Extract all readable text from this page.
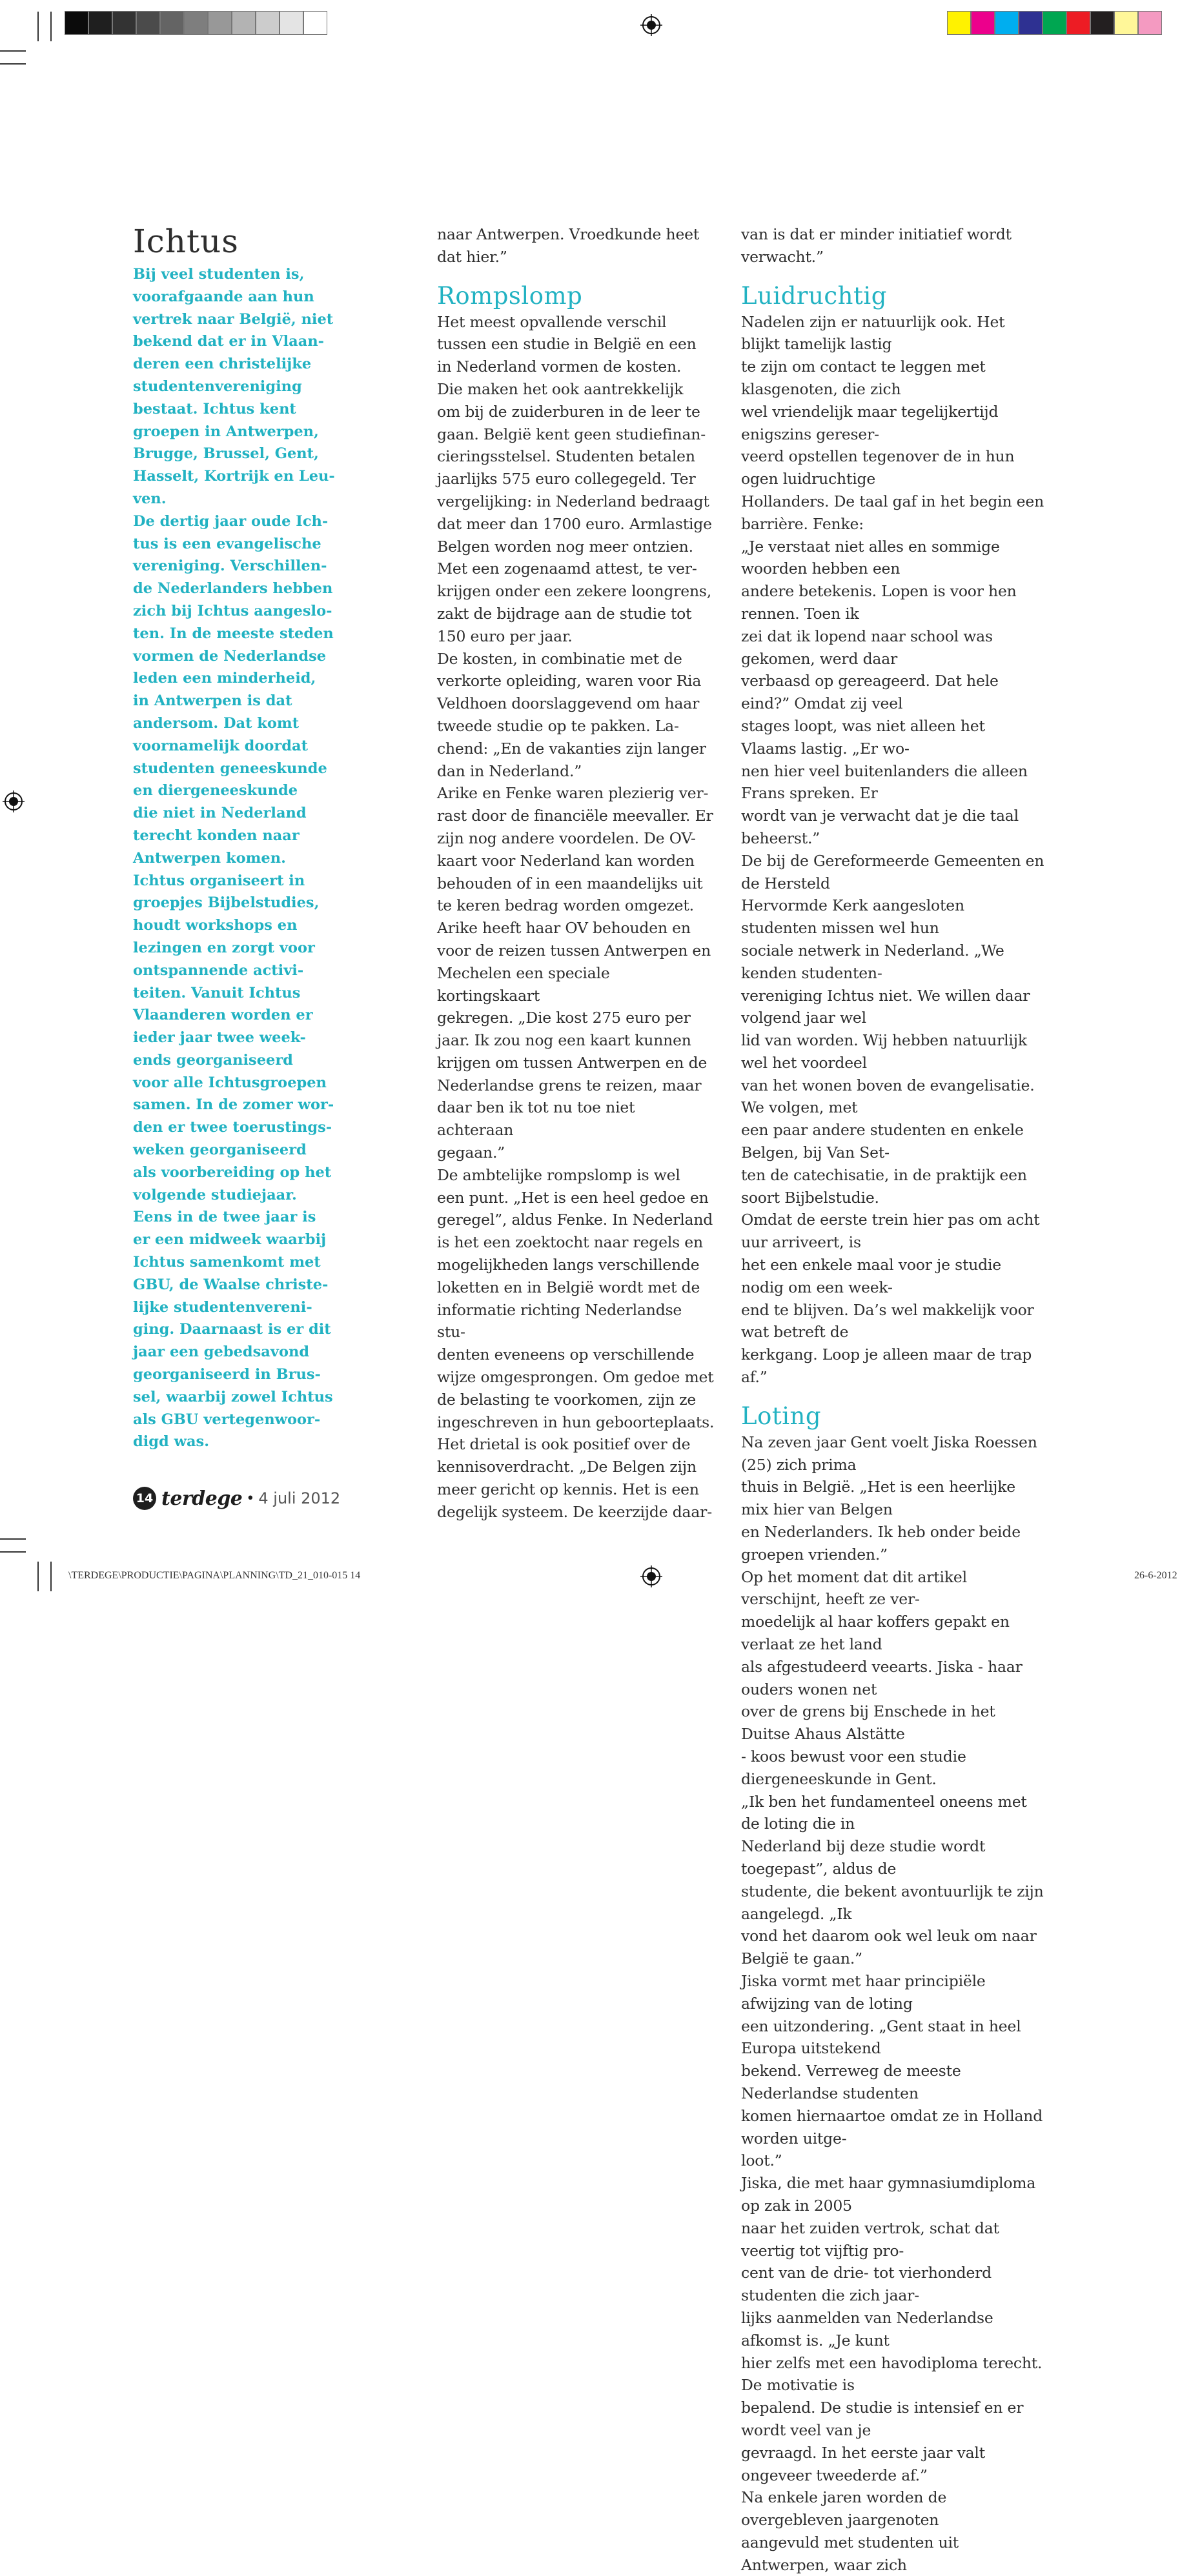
Ichtus

Bij veel studenten is,

voorafgaande aan hun

vertrek naar België, niet

bekend dat er in Vlaan-

deren een christelijke

studentenvereniging

bestaat. Ichtus kent

groepen in Antwerpen,

Brugge, Brussel, Gent,

Hasselt, Kortrijk en Leu-

ven.

De dertig jaar oude Ich-

tus is een evangelische

vereniging. Verschillen-

de Nederlanders hebben

zich bij Ichtus aangeslo-

ten. In de meeste steden

vormen de Nederlandse

leden een minderheid,

in Antwerpen is dat

andersom. Dat komt

voornamelijk doordat

studenten geneeskunde

en diergeneeskunde

die niet in Nederland

terecht konden naar

Antwerpen komen.

Ichtus organiseert in

groepjes Bijbelstudies,

houdt workshops en

lezingen en zorgt voor

ontspannende activi-

teiten. Vanuit Ichtus

Vlaanderen worden er

ieder jaar twee week-

ends georganiseerd

voor alle Ichtusgroepen

samen. In de zomer wor-

den er twee toerustings-

weken georganiseerd

als voorbereiding op het

volgende studiejaar.

Eens in de twee jaar is

er een midweek waarbij

Ichtus samenkomt met

GBU, de Waalse christe-

lijke studentenvereni-

ging. Daarnaast is er dit

jaar een gebedsavond

georganiseerd in Brus-

sel, waarbij zowel Ichtus

als GBU vertegenwoor-

digd was.

naar Antwerpen. Vroedkunde heet

dat hier.”

Rompslomp

Het meest opvallende verschil

tussen een studie in België en een

in Nederland vormen de kosten.

Die maken het ook aantrekkelijk

om bij de zuiderburen in de leer te

gaan. België kent geen studiefinan-

cieringsstelsel. Studenten betalen

jaarlijks 575 euro collegegeld. Ter

vergelijking: in Nederland bedraagt

dat meer dan 1700 euro. Armlastige

Belgen worden nog meer ontzien.

Met een zogenaamd attest, te ver-

krijgen onder een zekere loongrens,

zakt de bijdrage aan de studie tot

150 euro per jaar.

De kosten, in combinatie met de

verkorte opleiding, waren voor Ria

Veldhoen doorslaggevend om haar

tweede studie op te pakken. La-

chend: „En de vakanties zijn langer

dan in Nederland.”

Arike en Fenke waren plezierig ver-

rast door de financiële meevaller. Er

zijn nog andere voordelen. De OV-

kaart voor Nederland kan worden

behouden of in een maandelijks uit

te keren bedrag worden omgezet.

Arike heeft haar OV behouden en

voor de reizen tussen Antwerpen en

Mechelen een speciale kortingskaart

gekregen. „Die kost 275 euro per

jaar. Ik zou nog een kaart kunnen

krijgen om tussen Antwerpen en de

Nederlandse grens te reizen, maar

daar ben ik tot nu toe niet achteraan

gegaan.”

De ambtelijke rompslomp is wel

een punt. „Het is een heel gedoe en

geregel”, aldus Fenke. In Nederland

is het een zoektocht naar regels en

mogelijkheden langs verschillende

loketten en in België wordt met de

informatie richting Nederlandse stu-

denten eveneens op verschillende

wijze omgesprongen. Om gedoe met

de belasting te voorkomen, zijn ze

ingeschreven in hun geboorteplaats.

Het drietal is ook positief over de

kennisoverdracht. „De Belgen zijn

meer gericht op kennis. Het is een

degelijk systeem. De keerzijde daar-

van is dat er minder initiatief wordt verwacht.”

Luidruchtig

Nadelen zijn er natuurlijk ook. Het blijkt tamelijk lastig

te zijn om contact te leggen met klasgenoten, die zich

wel vriendelijk maar tegelijkertijd enigszins gereser-

veerd opstellen tegenover de in hun ogen luidruchtige

Hollanders. De taal gaf in het begin een barrière. Fenke:

„Je verstaat niet alles en sommige woorden hebben een

andere betekenis. Lopen is voor hen rennen. Toen ik

zei dat ik lopend naar school was gekomen, werd daar

verbaasd op gereageerd. Dat hele eind?” Omdat zij veel

stages loopt, was niet alleen het Vlaams lastig. „Er wo-

nen hier veel buitenlanders die alleen Frans spreken. Er

wordt van je verwacht dat je die taal beheerst.”

De bij de Gereformeerde Gemeenten en de Hersteld

Hervormde Kerk aangesloten studenten missen wel hun

sociale netwerk in Nederland. „We kenden studenten-

vereniging Ichtus niet. We willen daar volgend jaar wel

lid van worden. Wij hebben natuurlijk wel het voordeel

van het wonen boven de evangelisatie. We volgen, met

een paar andere studenten en enkele Belgen, bij Van Set-

ten de catechisatie, in de praktijk een soort Bijbelstudie.

Omdat de eerste trein hier pas om acht uur arriveert, is

het een enkele maal voor je studie nodig om een week-

end te blijven. Da’s wel makkelijk voor wat betreft de

kerkgang. Loop je alleen maar de trap af.”

Loting

Na zeven jaar Gent voelt Jiska Roessen (25) zich prima

thuis in België. „Het is een heerlijke mix hier van Belgen

en Nederlanders. Ik heb onder beide groepen vrienden.”

Op het moment dat dit artikel verschijnt, heeft ze ver-

moedelijk al haar koffers gepakt en verlaat ze het land

als afgestudeerd veearts. Jiska - haar ouders wonen net

over de grens bij Enschede in het Duitse Ahaus Alstätte

- koos bewust voor een studie diergeneeskunde in Gent.

„Ik ben het fundamenteel oneens met de loting die in

Nederland bij deze studie wordt toegepast”, aldus de

studente, die bekent avontuurlijk te zijn aangelegd. „Ik

vond het daarom ook wel leuk om naar België te gaan.”

Jiska vormt met haar principiële afwijzing van de loting

een uitzondering. „Gent staat in heel Europa uitstekend

bekend. Verreweg de meeste Nederlandse studenten

komen hiernaartoe omdat ze in Holland worden uitge-

loot.”

Jiska, die met haar gymnasiumdiploma op zak in 2005

naar het zuiden vertrok, schat dat veertig tot vijftig pro-

cent van de drie- tot vierhonderd studenten die zich jaar-

lijks aanmelden van Nederlandse afkomst is. „Je kunt

hier zelfs met een havodiploma terecht. De motivatie is

bepalend. De studie is intensief en er wordt veel van je

gevraagd. In het eerste jaar valt ongeveer tweederde af.”

Na enkele jaren worden de overgebleven jaargenoten

aangevuld met studenten uit Antwerpen, waar zich

14 terdege • 4 juli 2012
\TERDEGE\PRODUCTIE\PAGINA\PLANNING\TD_21_010-015 14	26-6-2012
